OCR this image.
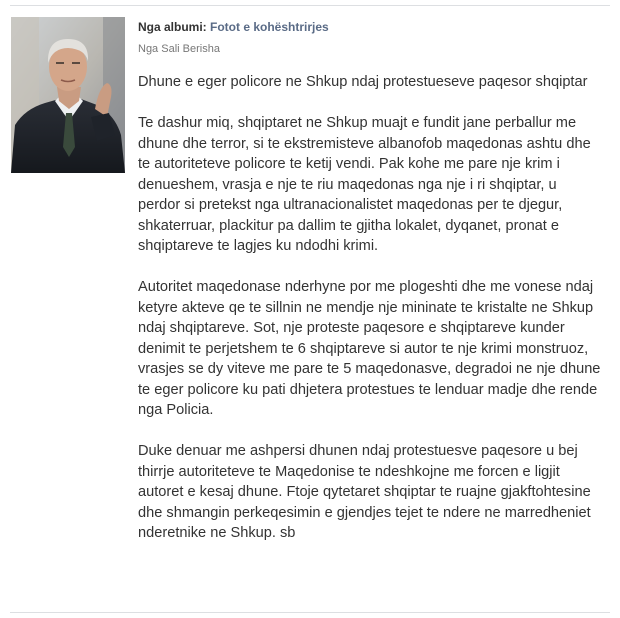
Nga albumi: Fotot e kohështrirjes
Nga Sali Berisha

Dhune e eger policore ne Shkup ndaj protestueseve paqesor shqiptar

Te dashur miq, shqiptaret ne Shkup muajt e fundit jane perballur me dhune dhe terror, si te ekstremisteve albanofob maqedonas ashtu dhe te autoriteteve policore te ketij vendi. Pak kohe me pare nje krim i denueshem, vrasja e nje te riu maqedonas nga nje i ri shqiptar, u perdor si pretekst nga ultranacionalistet maqedonas per te djegur, shkaterruar, plackitur pa dallim te gjitha lokalet, dyqanet, pronat e shqiptareve te lagjes ku ndodhi krimi.

Autoritet maqedonase nderhyne por me plogeshti dhe me vonese ndaj ketyre akteve qe te sillnin ne mendje nje mininate te kristalte ne Shkup ndaj shqiptareve. Sot, nje proteste paqesore e shqiptareve kunder denimit te perjetshem te 6 shqiptareve si autor te nje krimi monstruoz, vrasjes se dy viteve me pare te 5 maqedonasve, degradoi ne nje dhune te eger policore ku pati dhjetera protestues te lenduar madje dhe rende nga Policia.

Duke denuar me ashpersi dhunen ndaj protestuesve paqesore u bej thirrje autoriteteve te Maqedonise te ndeshkojne me forcen e ligjit autoret e kesaj dhune. Ftoje qytetaret shqiptar te ruajne gjakftohtesine dhe shmangin perkeqesimin e gjendjes tejet te ndere ne marredheniet nderetnike ne Shkup. sb
